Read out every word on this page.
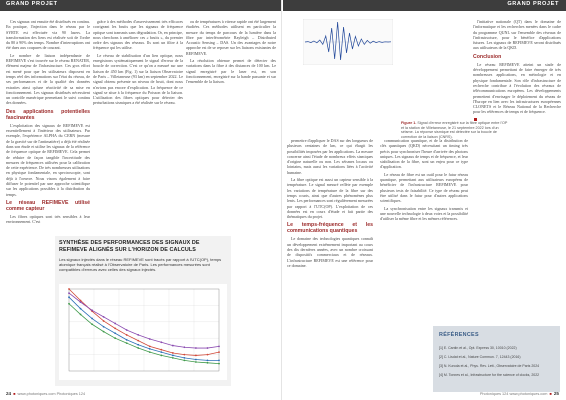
GRAND PROJET

Ces signaux ont ensuite été distribués en continu. En pratique, l'injection dans le réseau par le SYRTE est effectuée via 90 lasers. La transformation des liens est réalisée soit de l'ordre du 80 à 90% des temps. Nombre d'interruptions ont été dues aux coupures de courant.

Le nombre de liaison indépendante de REFIMEVE s'est trouvée sur le réseau RENATER, élément majeur de l'infrastructure. Ces gros effort est mené pour que les utilisateurs disposent en temps réel des informations sur l'état du réseau, de ses performances et de la qualité des données extraites ainsi qu'une réactivité de sa mise en fonctionnement. Les signaux distribués nécessitent un contrôle numérique permettant le suivi continu des données.

Des applications potentielles fascinantes

L'exploitation des signaux de REFIMEVE est essentiellement à l'intérieur des utilisateurs. Par exemple, l'expérience ALPHA du CERN (mesure de la gravité sur de l'antimatière) a déjà été réalisée dans son étude et utilise les signaux de la référence de fréquence optique de REFIMEVE. Cela permet de réduire de façon tangible l'incertitude des mesures de fréquences utilisées pour la calibration de cette expérience. De très nombreuses utilisations en physique fondamentale, en spectroscopie, sont déjà à l'oeuvre. Nous visons également à faire diffuser le potentiel par une approche scientifique sur les applications possibles à la distribution du temps.

Le réseau REFIMEVE utilisé comme capteur

Les fibres optiques sont très sensibles à leur environnement. C'est

grâce à des méthodes d'asservissement très efficaces corrigeant les bruits que les signaux de fréquence optique sont transmis sans dégradation. Or, en principe, nous cherchons à améliorer ces « bruits », du premier ordre des signaux des réseaux. Ils sont un filtre à la fréquence qui les utilise.

Le réseau de stabilisation d'un lien optique, nous enregistrons systématiquement le signal d'erreur de la boucle de correction. C'est ce qu'on a mesuré sur une liaison de 450 km (Fig. 1) sur la liaison Observatoire de Paris – Villetaneuse (93 km) en septembre 2022. Le signal obtenu présente un niveau de bruit, dont nous n'avions pas encore d'explication. La fréquence de ce signal se situe à la fréquence du Poisson de la liaison. L'utilisation des fibres optiques pour détecter des perturbations sismiques a été réalisée sur le réseau.

ou de températures à vitesse rapide ont été largement étudiées. Ces méthodes utilisent en particulier la mesure du temps de parcours de la lumière dans la fibre par interférométrie Rayleigh – Distributed Acoustic Sensing – DAS. Un des avantages de notre approche est de se reposer sur les liaisons existantes de REFIMEVE.

La résolution obtenue permet de détecter des variations dans la fibre à des distances de 100 km. Le signal enregistré par le laser est, en son fonctionnement, enregistré sur la bande passante et sur l'ensemble de la liaison.

SYNTHÈSE DES PERFORMANCES DES SIGNAUX DE REFIMEVE ALIGNÉS SUR L'HORIZON DE CALCULS
Les signaux injectés dans le réseau REFIMEVE sont tracés par rapport à l'UTC(OP), temps atomique français réalisé à l'Observatoire de Paris. Les performances mesurées sont compatibles d'erreurs avec celles des signaux injectés.
24 ■ www.photoniques.com Photoniques 124
GRAND PROJET
Figure 1. Signal d'erreur enregistré sur la fibre optique entre l'OP et la station de Villetaneuse, le 21 septembre 2022 lors d'un séisme. La réponse sismique est détectée sur la boucle de correction de la liaison (CNRS).

permettre d'appliquer le DAS sur des longueurs de plusieurs centaines de km, ce qui élargit les possibilités imposées par les applications. La mesure concerne ainsi l'étude de nombreux effets sismiques d'origine naturelle ou non. Les séismes locaux ou lointains, mais aussi les variations liées à l'activité humaine.

La fibre optique est aussi un capteur sensible à la température. Le signal mesuré reflète par exemple les variations de température de la fibre sur des temps courts, ainsi que d'autres phénomènes plus lents. Les performances sont régulièrement mesurées par rapport à l'UTC(OP). L'exploitation de ces données est en cours d'étude et fait partie des thématiques du projet.

Le temps-fréquence et les communications quantiques

Le domaine des technologies quantiques connaît un développement extrêmement important au cours des dix dernières années, avec un nombre croissant de dispositifs commerciaux et de réseaux. L'infrastructure REFIMEVE est une référence pour ce domaine.

communication quantique, et de la distribution de clés quantiques (QKD) nécessitant un timing très précis pour synchroniser l'heure d'arrivée des photons uniques. Les signaux de temps et de fréquence, et leur stabilisation de la fibre, sont un enjeu pour ce type d'application.

Le réseau de fibre est un outil pour le futur réseau quantique, permettant aux utilisateurs européens de bénéficier de l'infrastructure REFIMEVE pour plusieurs tests de faisabilité. Ce type de réseau peut être utilisé dans le futur pour d'autres applications scientifiques.

La synchronisation entre les signaux transmis et une nouvelle technologie à deux voies et la possibilité d'utiliser la même fibre et les mêmes références.

l'initiative nationale (QT) dans le domaine de l'informatique et les recherches menées dans le cadre du programme QUNL sur l'ensemble des réseaux de l'infrastructure, pour le bénéfice d'applications futures. Les signaux de REFIMEVE seront distribués aux utilisateurs de la QKD.

Conclusion

Le réseau REFIMEVE atteint un stade de développement permettant de faire émerger de très nombreuses applications, en métrologie et en physique fondamentale. Son rôle d'infrastructure de recherche contribue à l'évolution des réseaux de télécommunications européens. Les développements permettent d'envisager le déploiement du réseau de l'Europe en lien avec les infrastructures européennes CLONETS et le Réseau National de la Recherche pour les références de temps et de fréquence.

RÉFÉRENCES
[1] E. Cantin et al., Opt. Express 30, 10010 (2022)
[2] C. Lisdat et al., Nature Commun. 7, 12443 (2016)
[3] N. Kuroda et al., Phys. Rev. Lett., Observatoire de Paris 2024
[4] M. Tonnes et al., Infrastructure for the science of clocks, 2022
Photoniques 124 www.photoniques.com ■ 25
